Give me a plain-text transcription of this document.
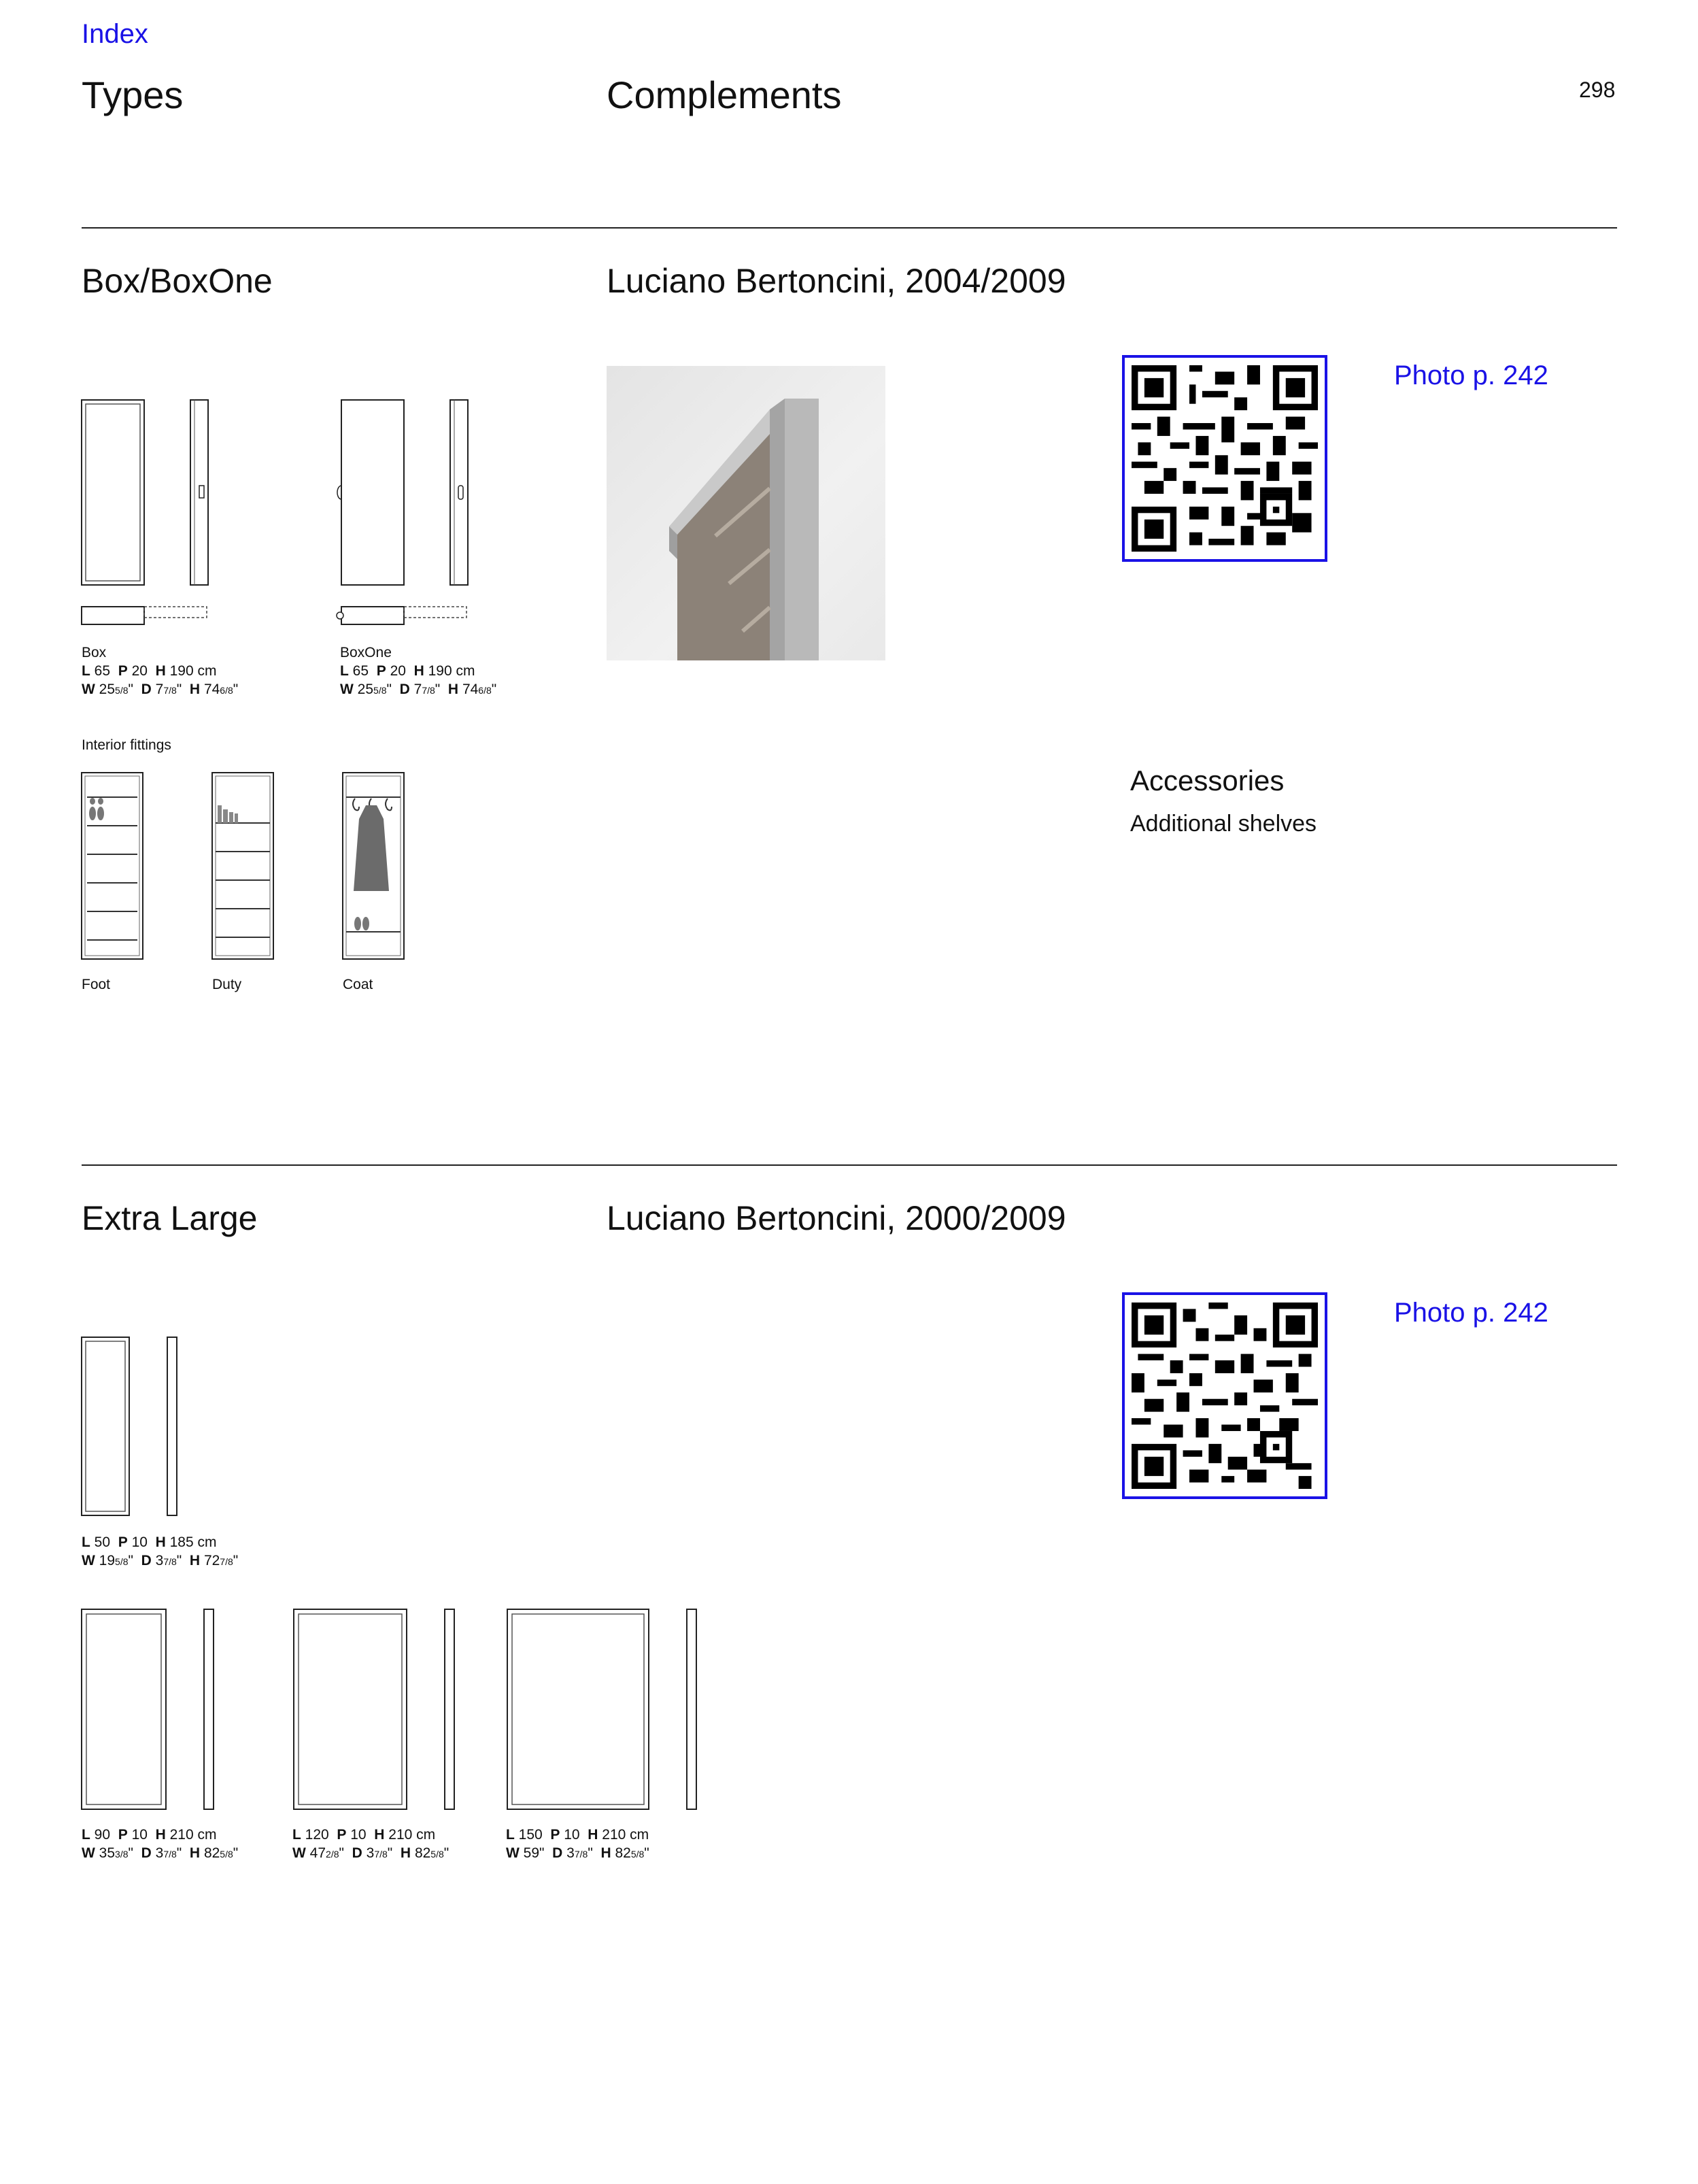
Index
Types	Complements	298
Box/BoxOne	Luciano Bertoncini, 2004/2009
Box
L 65 P 20 H 190 cm
W 255/8"  D 77/8"  H 746/8"
BoxOne
L 65 P 20 H 190 cm
W 255/8"  D 77/8"  H 746/8"
Interior fittings
Foot	Duty	Coat
Photo p. 242
Accessories
Additional shelves
Extra Large	Luciano Bertoncini, 2000/2009
Photo p. 242
L 50 P 10 H 185 cm
W 195/8"  D 37/8"  H 727/8"
L 90 P 10 H 210 cm
W 353/8"  D 37/8"  H 825/8"
L 120 P 10 H 210 cm
W 472/8"  D 37/8"  H 825/8"
L 150 P 10 H 210 cm
W 59"  D 37/8"  H 825/8"
